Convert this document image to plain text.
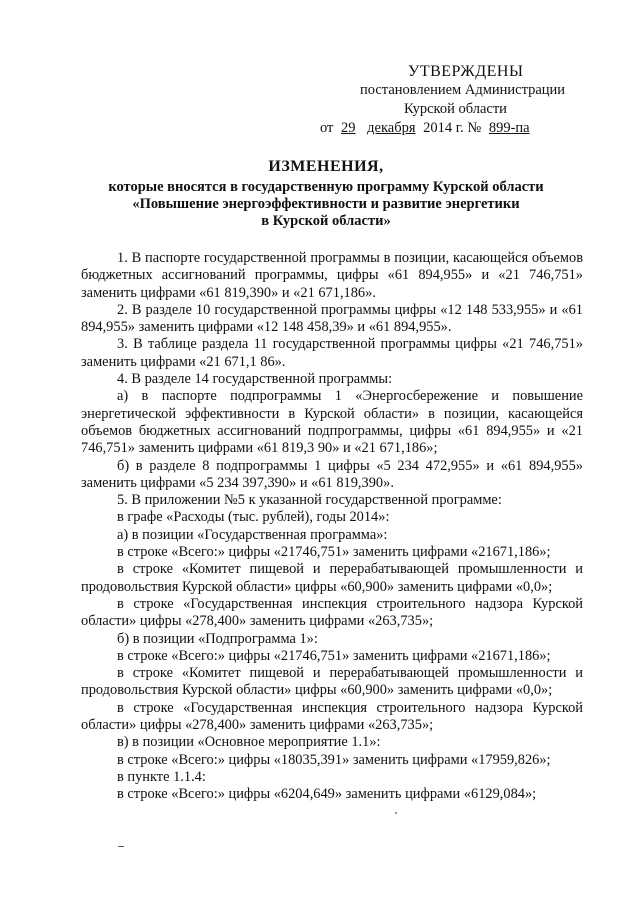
УТВЕРЖДЕНЫ
постановлением Администрации
Курской области
от 29 декабря 2014 г. № 899-па
ИЗМЕНЕНИЯ,
которые вносятся в государственную программу Курской области
«Повышение энергоэффективности и развитие энергетики
в Курской области»

1. В паспорте государственной программы в позиции, касающейся объемов бюджетных ассигнований программы, цифры «61 894,955» и «21 746,751» заменить цифрами «61 819,390» и «21 671,186».

2. В разделе 10 государственной программы цифры «12 148 533,955» и «61 894,955» заменить цифрами «12 148 458,39» и «61 894,955».

3. В таблице раздела 11 государственной программы цифры «21 746,751» заменить цифрами «21 671,1 86».

4. В разделе 14 государственной программы:

а) в паспорте подпрограммы 1 «Энергосбережение и повышение энергетической эффективности в Курской области» в позиции, касающейся объемов бюджетных ассигнований подпрограммы, цифры «61 894,955» и «21 746,751» заменить цифрами «61 819,3 90» и «21 671,186»;

б) в разделе 8 подпрограммы 1 цифры «5 234 472,955» и «61 894,955» заменить цифрами «5 234 397,390» и «61 819,390».

5. В приложении №5 к указанной государственной программе:

в графе «Расходы (тыс. рублей), годы 2014»:

а) в позиции «Государственная программа»:

в строке «Всего:» цифры «21746,751» заменить цифрами «21671,186»;

в строке «Комитет пищевой и перерабатывающей промышленности и продовольствия Курской области» цифры «60,900» заменить цифрами «0,0»;

в строке «Государственная инспекция строительного надзора Курской области» цифры «278,400» заменить цифрами «263,735»;

б) в позиции «Подпрограмма 1»:

в строке «Всего:» цифры «21746,751» заменить цифрами «21671,186»;

в строке «Комитет пищевой и перерабатывающей промышленности и продовольствия Курской области» цифры «60,900» заменить цифрами «0,0»;

в строке «Государственная инспекция строительного надзора Курской области» цифры «278,400» заменить цифрами «263,735»;

в) в позиции «Основное мероприятие 1.1»:

в строке «Всего:» цифры «18035,391» заменить цифрами «17959,826»;

в пункте 1.1.4:

в строке «Всего:» цифры «6204,649» заменить цифрами «6129,084»;
